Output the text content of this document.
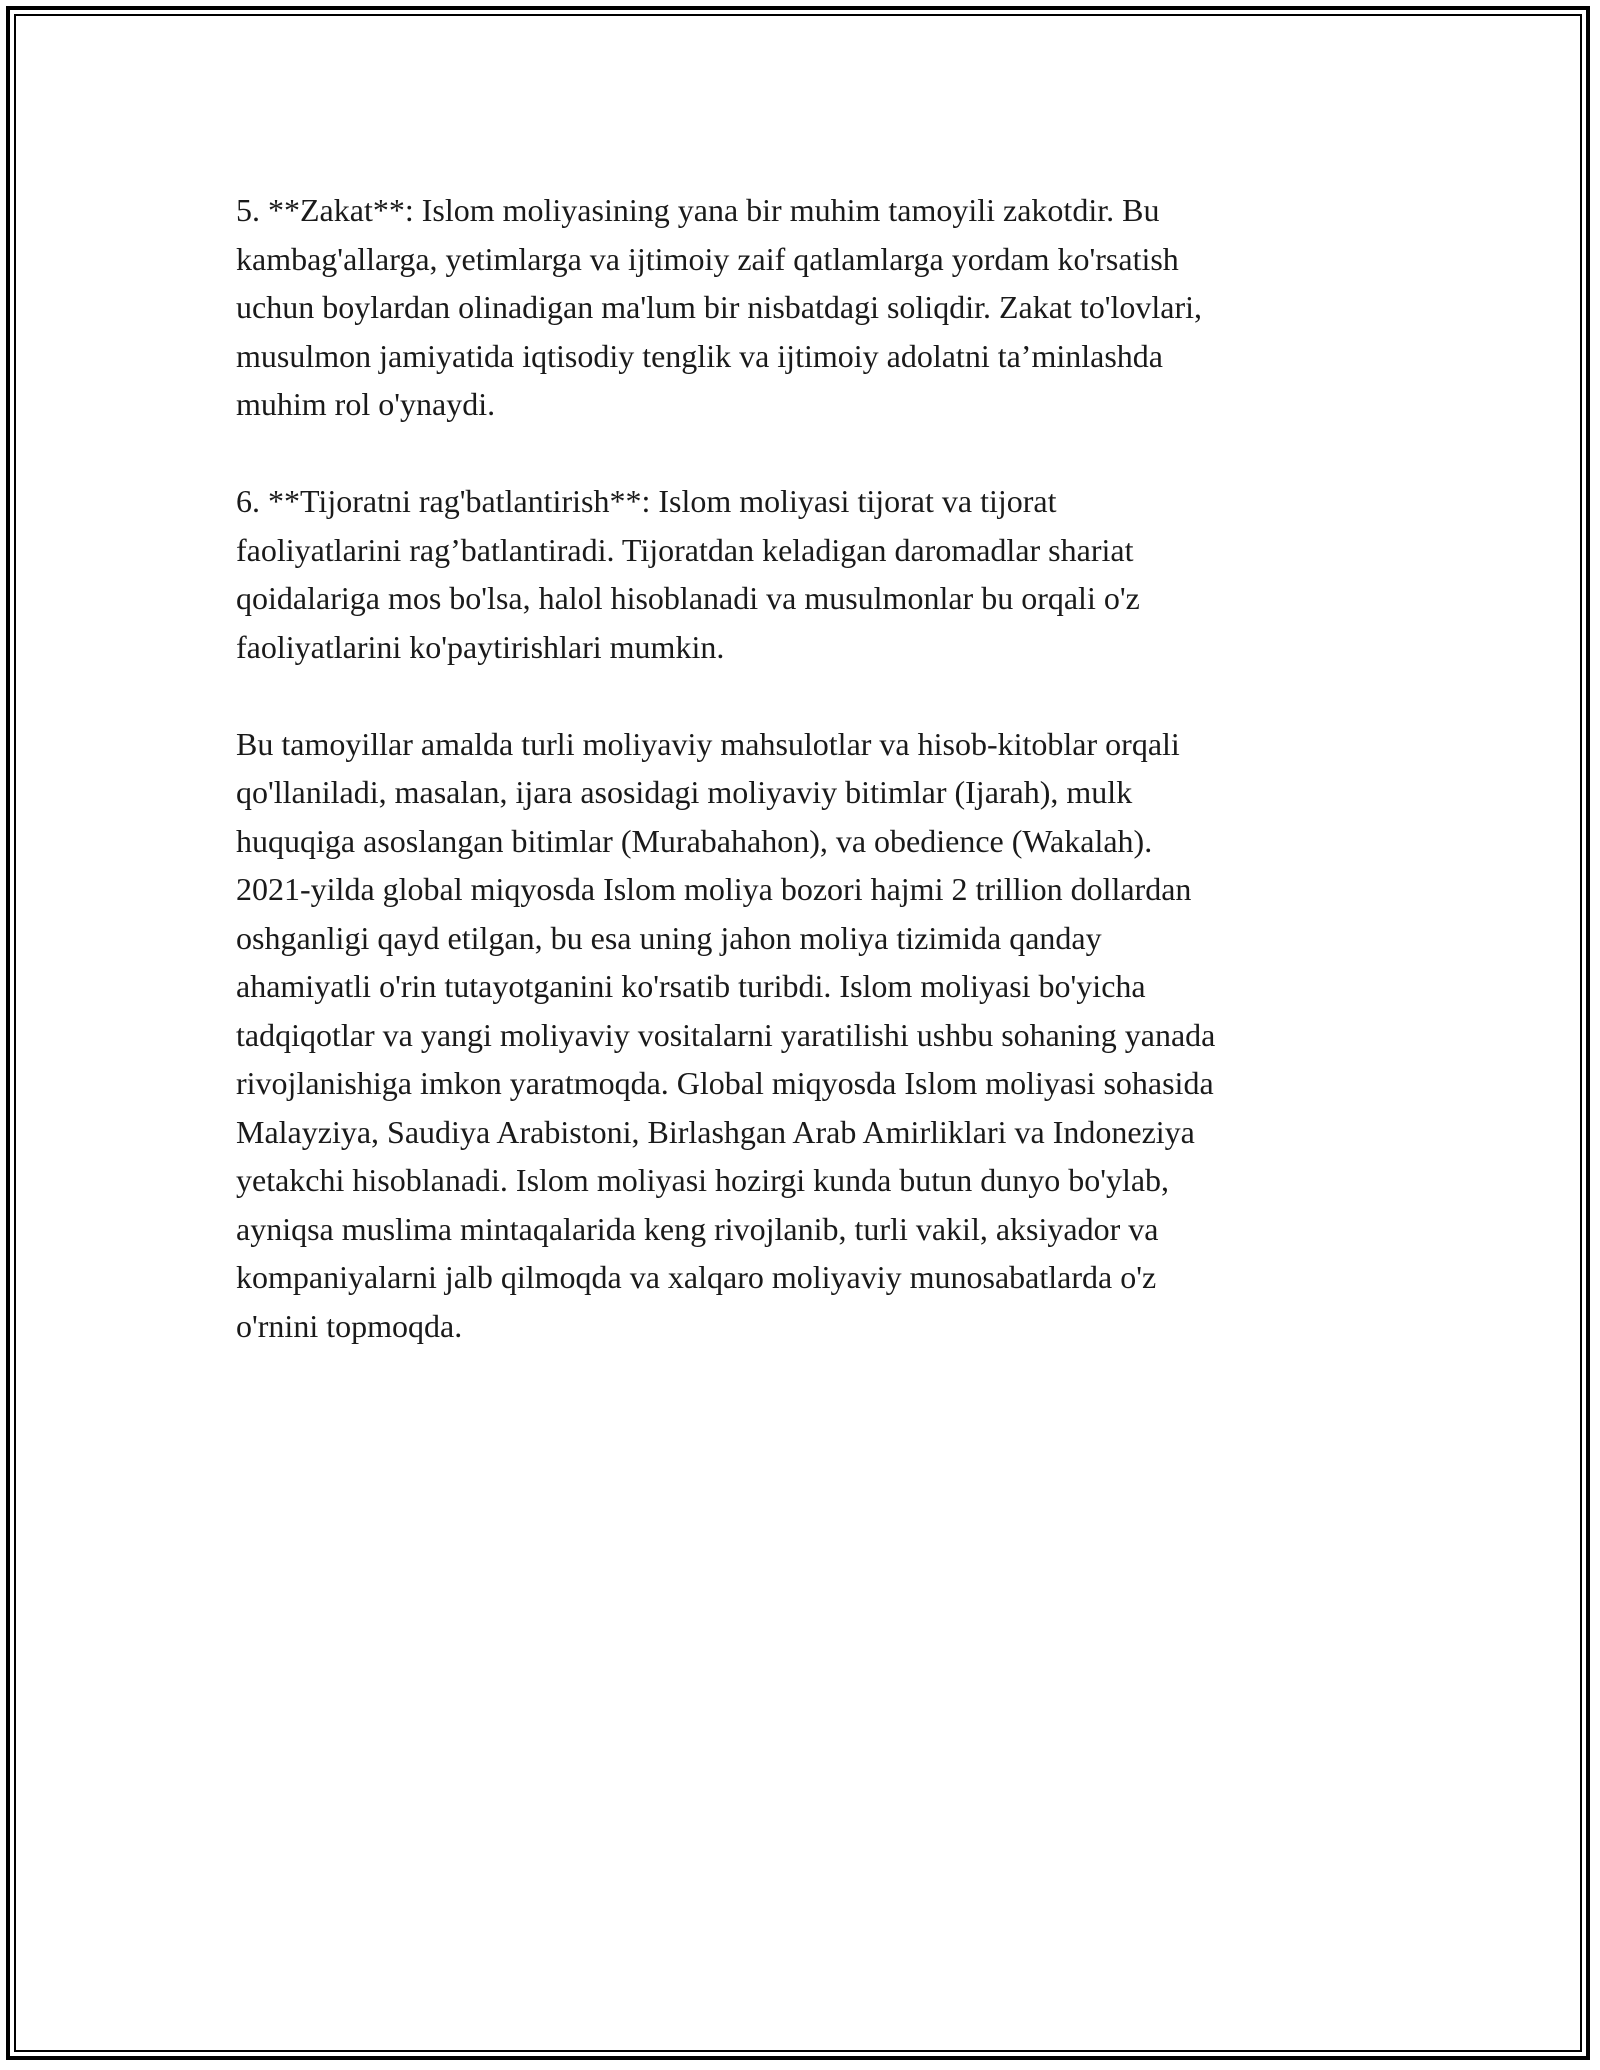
5. **Zakat**: Islom moliyasining yana bir muhim tamoyili zakotdir. Bu
kambag'allarga, yetimlarga va ijtimoiy zaif qatlamlarga yordam ko'rsatish
uchun boylardan olinadigan ma'lum bir nisbatdagi soliqdir. Zakat to'lovlari,
musulmon jamiyatida iqtisodiy tenglik va ijtimoiy adolatni ta’minlashda
muhim rol o'ynaydi.

6. **Tijoratni rag'batlantirish**: Islom moliyasi tijorat va tijorat
faoliyatlarini rag’batlantiradi. Tijoratdan keladigan daromadlar shariat
qoidalariga mos bo'lsa, halol hisoblanadi va musulmonlar bu orqali o'z
faoliyatlarini ko'paytirishlari mumkin.

Bu tamoyillar amalda turli moliyaviy mahsulotlar va hisob-kitoblar orqali
qo'llaniladi, masalan, ijara asosidagi moliyaviy bitimlar (Ijarah), mulk
huquqiga asoslangan bitimlar (Murabahahon), va obedience (Wakalah).
2021-yilda global miqyosda Islom moliya bozori hajmi 2 trillion dollardan
oshganligi qayd etilgan, bu esa uning jahon moliya tizimida qanday
ahamiyatli o'rin tutayotganini ko'rsatib turibdi. Islom moliyasi bo'yicha
tadqiqotlar va yangi moliyaviy vositalarni yaratilishi ushbu sohaning yanada
rivojlanishiga imkon yaratmoqda. Global miqyosda Islom moliyasi sohasida
Malayziya, Saudiya Arabistoni, Birlashgan Arab Amirliklari va Indoneziya
yetakchi hisoblanadi. Islom moliyasi hozirgi kunda butun dunyo bo'ylab,
ayniqsa muslima mintaqalarida keng rivojlanib, turli vakil, aksiyador va
kompaniyalarni jalb qilmoqda va xalqaro moliyaviy munosabatlarda o'z
o'rnini topmoqda.
